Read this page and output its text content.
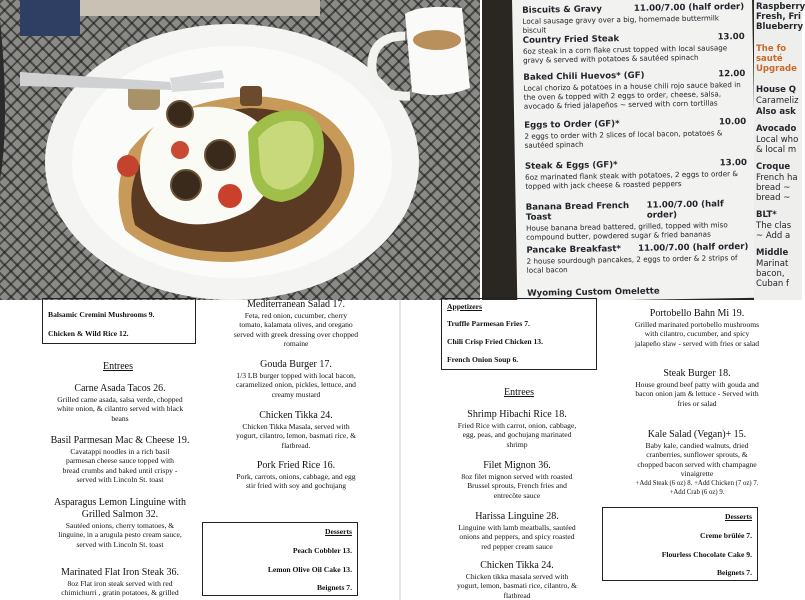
Biscuits & Gravy	11.00/7.00 (half order)
Local sausage gravy over a big, homemade buttermilk biscuit
Country Fried Steak	13.00
6oz steak in a corn flake crust topped with local sausage gravy & served with potatoes & sautéed spinach
Baked Chili Huevos* (GF)	12.00
Local chorizo & potatoes in a house chili rojo sauce baked in the oven & topped with 2 eggs to order, cheese, salsa, avocado & fried jalapeños ~ served with corn tortillas
Eggs to Order (GF)*	10.00
2 eggs to order with 2 slices of local bacon, potatoes & sautéed spinach
Steak & Eggs (GF)*	13.00
6oz marinated flank steak with potatoes, 2 eggs to order & topped with jack cheese & roasted peppers
Banana Bread French Toast
11.00/7.00 (half order)
House banana bread battered, grilled, topped with miso compound butter, powdered sugar & fried bananas
Pancake Breakfast* 11.00/7.00 (half order)
2 house sourdough pancakes, 2 eggs to order & 2 strips of local bacon
Wyoming Custom Omelette
Raspberry
Fresh, Fri
Blueberry
The fo
sauté
Upgrade
House Q
Carameliz
Also ask
Avocado
Local who
& local m
Croque
French ha
bread ~
bread ~
BLT*
The clas
~ Add a
Middle
Marinat
bacon,
Cuban f
Balsamic Cremini Mushrooms 9.
Chicken & Wild Rice 12.
Entrees
Carne Asada Tacos 26.
Grilled carne asada, salsa verde, chopped
white onion, & cilantro served with black
beans
Basil Parmesan Mac & Cheese 19.
Cavatappi noodles in a rich basil
parmesan cheese sauce topped with
bread crumbs and baked until crispy -
served with Lincoln St. toast
Asparagus Lemon Linguine with
Grilled Salmon 32.
Sautéed onions, cherry tomatoes, &
linguine, in a arugula pesto cream sauce,
served with Lincoln St. toast
Marinated Flat Iron Steak 36.
8oz Flat iron steak served with red
chimichurri , gratin potatoes, & grilled
Mediterranean Salad 17.
Feta, red onion, cucumber, cherry
tomato, kalamata olives, and oregano
served with greek dressing over chopped
romaine
Gouda Burger 17.
1/3 LB burger topped with local bacon,
caramelized onion, pickles, lettuce, and
creamy mustard
Chicken Tikka 24.
Chicken Tikka Masala, served with
yogurt, cilantro, lemon, basmati rice, &
flatbread.
Pork Fried Rice 16.
Pork, carrots, onions, cabbage, and egg
stir fried with soy and gochujang
Desserts
Peach Cobbler 13.
Lemon Olive Oil Cake 13.
Beignets 7.
Appetizers
Truffle Parmesan Fries 7.
Chili Crisp Fried Chicken 13.
French Onion Soup 6.
Entrees
Shrimp Hibachi Rice 18.
Fried Rice with carrot, onion, cabbage,
egg, peas, and gochujang marinated
shrimp
Filet Mignon 36.
8oz filet mignon served with roasted
Brussel sprouts, French fries and
entrecôte sauce
Harissa Linguine 28.
Linguine with lamb meatballs, sautéed
onions and peppers, and spicy roasted
red pepper cream sauce
Chicken Tikka 24.
Chicken tikka masala served with
yogurt, lemon, basmati rice, cilantro, &
flatbread
Portobello Bahn Mi 19.
Grilled marinated portobello mushrooms
with cilantro, cucumber, and spicy
jalapeño slaw - served with fries or salad
Steak Burger 18.
House ground beef patty with gouda and
bacon onion jam & lettuce - Served with
fries or salad
Kale Salad (Vegan)+ 15.
Baby kale, candied walnuts, dried
cranberries, sunflower sprouts, &
chopped bacon served with champagne
vinaigrette
+Add Steak (6 oz) 8. +Add Chicken (7 oz) 7.
+Add Crab (6 oz) 9.
Desserts
Creme brûlée 7.
Flourless Chocolate Cake 9.
Beignets 7.
